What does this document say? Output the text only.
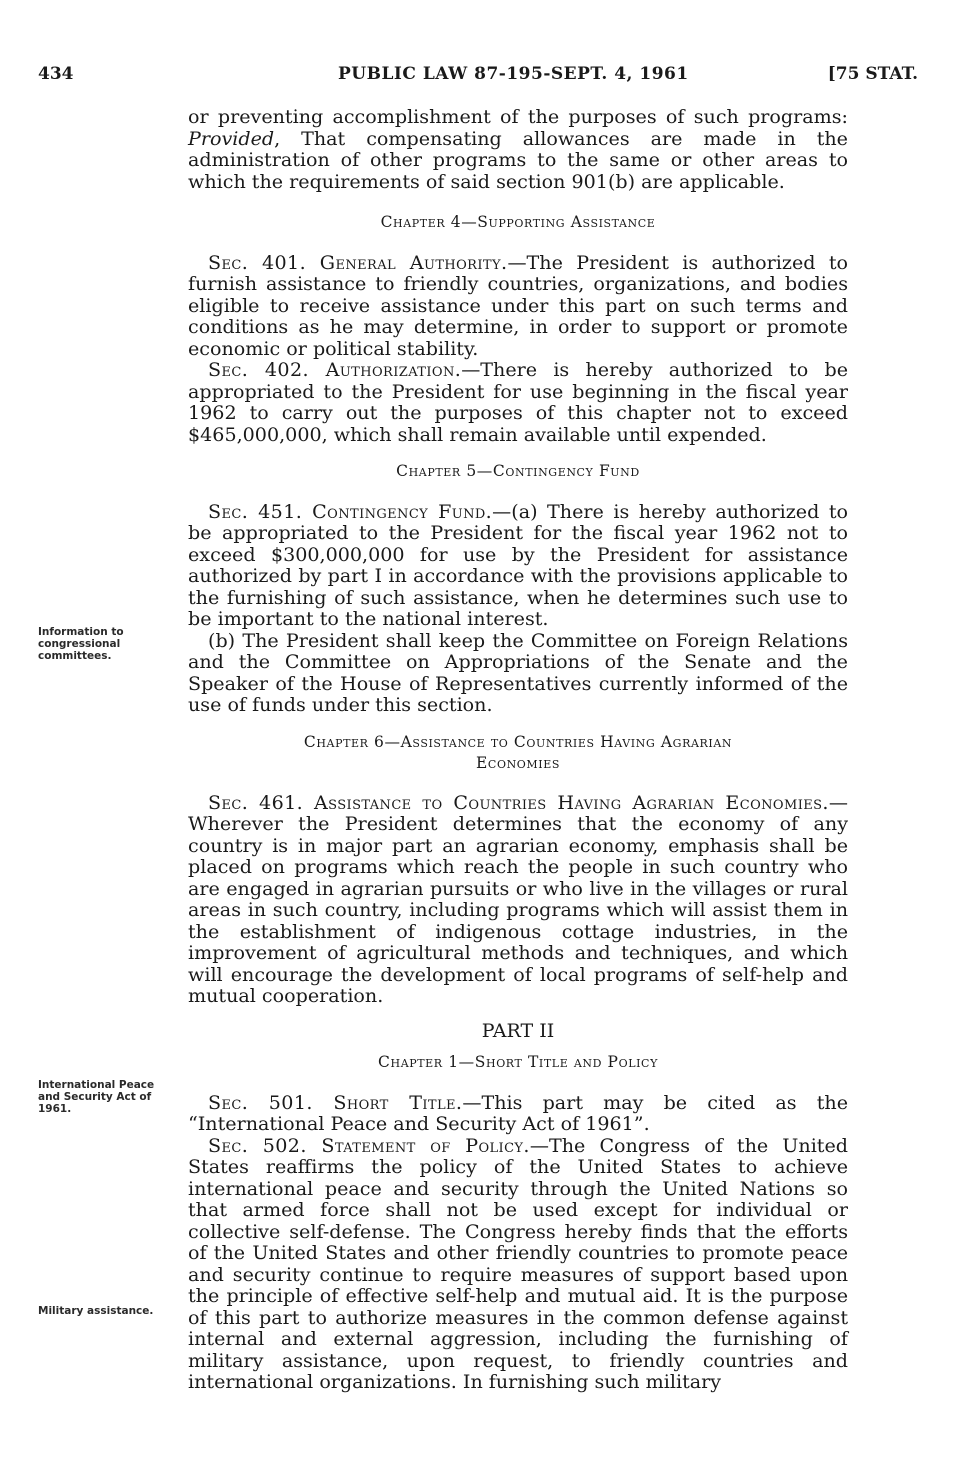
434	PUBLIC LAW 87-195-SEPT. 4, 1961	[75 STAT.

or preventing accomplishment of the purposes of such programs: Provided, That compensating allowances are made in the administration of other programs to the same or other areas to which the requirements of said section 901(b) are applicable.

Chapter 4—Supporting Assistance

Sec. 401. General Authority.—The President is authorized to furnish assistance to friendly countries, organizations, and bodies eligible to receive assistance under this part on such terms and conditions as he may determine, in order to support or promote economic or political stability.

Sec. 402. Authorization.—There is hereby authorized to be appropriated to the President for use beginning in the fiscal year 1962 to carry out the purposes of this chapter not to exceed $465,000,000, which shall remain available until expended.

Chapter 5—Contingency Fund

Sec. 451. Contingency Fund.—(a) There is hereby authorized to be appropriated to the President for the fiscal year 1962 not to exceed $300,000,000 for use by the President for assistance authorized by part I in accordance with the provisions applicable to the furnishing of such assistance, when he determines such use to be important to the national interest.

(b) The President shall keep the Committee on Foreign Relations and the Committee on Appropriations of the Senate and the Speaker of the House of Representatives currently informed of the use of funds under this section.

Chapter 6—Assistance to Countries Having Agrarian
Economies

Sec. 461. Assistance to Countries Having Agrarian Economies.—Wherever the President determines that the economy of any country is in major part an agrarian economy, emphasis shall be placed on programs which reach the people in such country who are engaged in agrarian pursuits or who live in the villages or rural areas in such country, including programs which will assist them in the establishment of indigenous cottage industries, in the improvement of agricultural methods and techniques, and which will encourage the development of local programs of self-help and mutual cooperation.

PART II
Chapter 1—Short Title and Policy

Sec. 501. Short Title.—This part may be cited as the “International Peace and Security Act of 1961”.

Sec. 502. Statement of Policy.—The Congress of the United States reaffirms the policy of the United States to achieve international peace and security through the United Nations so that armed force shall not be used except for individual or collective self-defense. The Congress hereby finds that the efforts of the United States and other friendly countries to promote peace and security continue to require measures of support based upon the principle of effective self-help and mutual aid. It is the purpose of this part to authorize measures in the common defense against internal and external aggression, including the furnishing of military assistance, upon request, to friendly countries and international organizations. In furnishing such military

Information to congressional committees.
International Peace and Security Act of 1961.
Military assistance.
